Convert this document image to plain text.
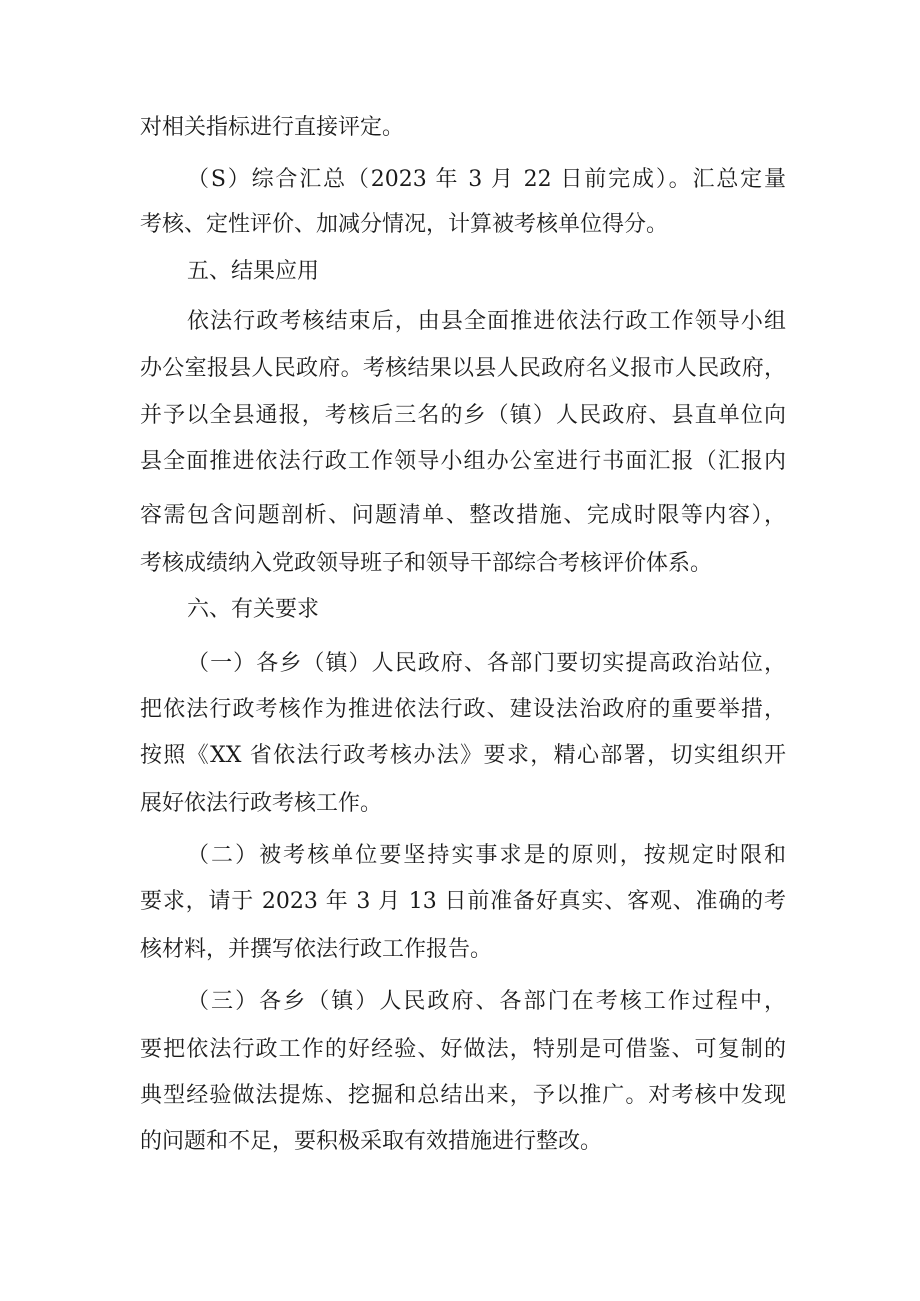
对相关指标进行直接评定。
（S）综合汇总（2023 年 3 月 22 日前完成）。汇总定量
考核、定性评价、加减分情况，计算被考核单位得分。
五、结果应用
依法行政考核结束后，由县全面推进依法行政工作领导小组
办公室报县人民政府。考核结果以县人民政府名义报市人民政府，
并予以全县通报，考核后三名的乡（镇）人民政府、县直单位向
县全面推进依法行政工作领导小组办公室进行书面汇报（汇报内
容需包含问题剖析、问题清单、整改措施、完成时限等内容），
考核成绩纳入党政领导班子和领导干部综合考核评价体系。
六、有关要求
（一）各乡（镇）人民政府、各部门要切实提高政治站位，
把依法行政考核作为推进依法行政、建设法治政府的重要举措，
按照《XX 省依法行政考核办法》要求，精心部署，切实组织开
展好依法行政考核工作。
（二）被考核单位要坚持实事求是的原则，按规定时限和
要求，请于 2023 年 3 月 13 日前准备好真实、客观、准确的考
核材料，并撰写依法行政工作报告。
（三）各乡（镇）人民政府、各部门在考核工作过程中，
要把依法行政工作的好经验、好做法，特别是可借鉴、可复制的
典型经验做法提炼、挖掘和总结出来，予以推广。对考核中发现
的问题和不足，要积极采取有效措施进行整改。
